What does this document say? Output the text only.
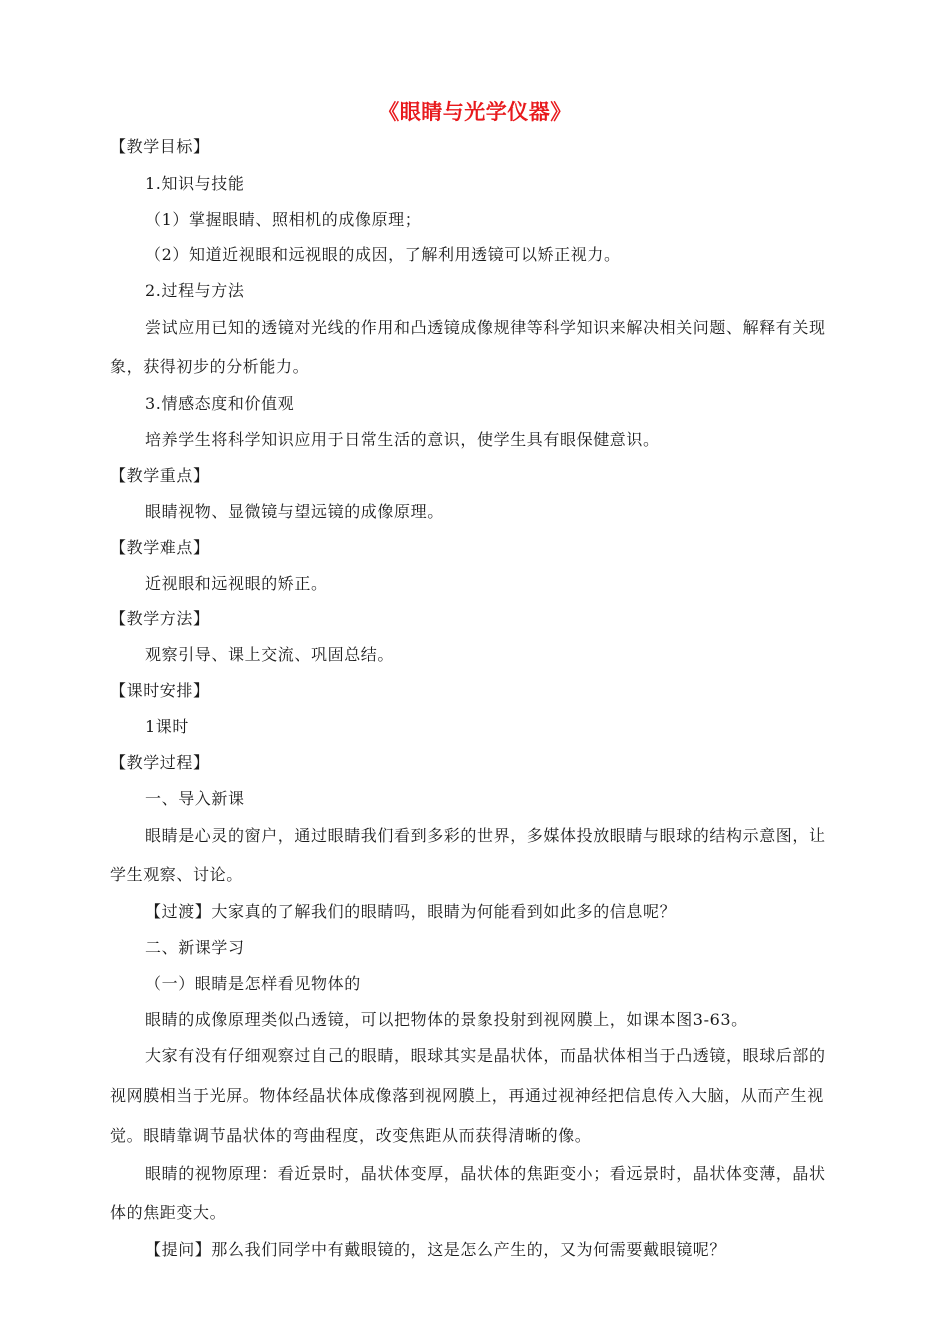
《眼睛与光学仪器》
【教学目标】
1.知识与技能
（1）掌握眼睛、照相机的成像原理；
（2）知道近视眼和远视眼的成因，了解利用透镜可以矫正视力。
2.过程与方法
尝试应用已知的透镜对光线的作用和凸透镜成像规律等科学知识来解决相关问题、解释有关现
象，获得初步的分析能力。
3.情感态度和价值观
培养学生将科学知识应用于日常生活的意识，使学生具有眼保健意识。
【教学重点】
眼睛视物、显微镜与望远镜的成像原理。
【教学难点】
近视眼和远视眼的矫正。
【教学方法】
观察引导、课上交流、巩固总结。
【课时安排】
1课时
【教学过程】
一、导入新课
眼睛是心灵的窗户，通过眼睛我们看到多彩的世界，多媒体投放眼睛与眼球的结构示意图，让
学生观察、讨论。
【过渡】大家真的了解我们的眼睛吗，眼睛为何能看到如此多的信息呢？
二、新课学习
（一）眼睛是怎样看见物体的
眼睛的成像原理类似凸透镜，可以把物体的景象投射到视网膜上，如课本图3-63。
大家有没有仔细观察过自己的眼睛，眼球其实是晶状体，而晶状体相当于凸透镜，眼球后部的
视网膜相当于光屏。物体经晶状体成像落到视网膜上，再通过视神经把信息传入大脑，从而产生视
觉。眼睛靠调节晶状体的弯曲程度，改变焦距从而获得清晰的像。
眼睛的视物原理：看近景时，晶状体变厚，晶状体的焦距变小；看远景时，晶状体变薄，晶状
体的焦距变大。
【提问】那么我们同学中有戴眼镜的，这是怎么产生的，又为何需要戴眼镜呢？
